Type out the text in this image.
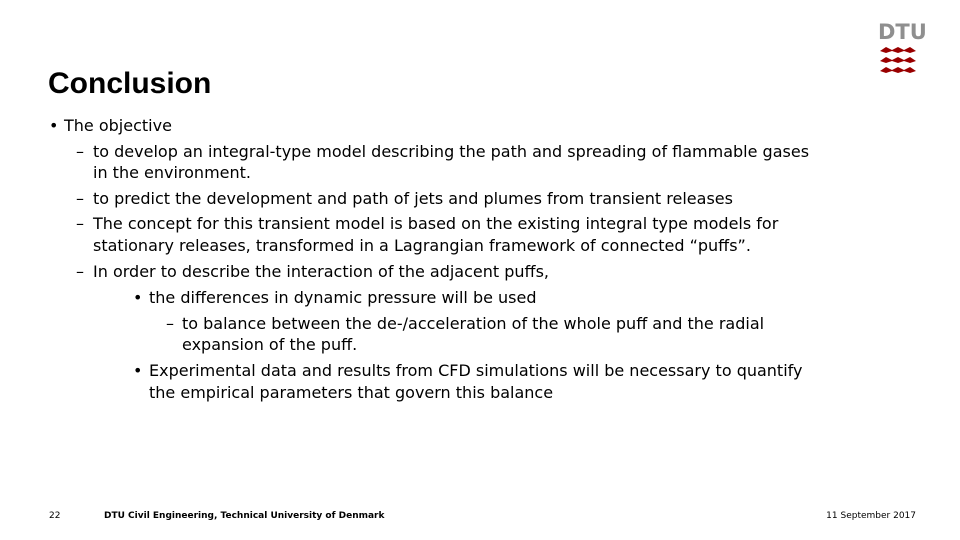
Conclusion
DTU
• The objective
– to develop an integral-type model describing the path and spreading of flammable gases
in the environment.
– to predict the development and path of jets and plumes from transient releases
– The concept for this transient model is based on the existing integral type models for
stationary releases, transformed in a Lagrangian framework of connected “puffs”.
– In order to describe the interaction of the adjacent puffs,
• the differences in dynamic pressure will be used
– to balance between the de-/acceleration of the whole puff and the radial
expansion of the puff.
• Experimental data and results from CFD simulations will be necessary to quantify
the empirical parameters that govern this balance
22	DTU Civil Engineering, Technical University of Denmark	11 September 2017
